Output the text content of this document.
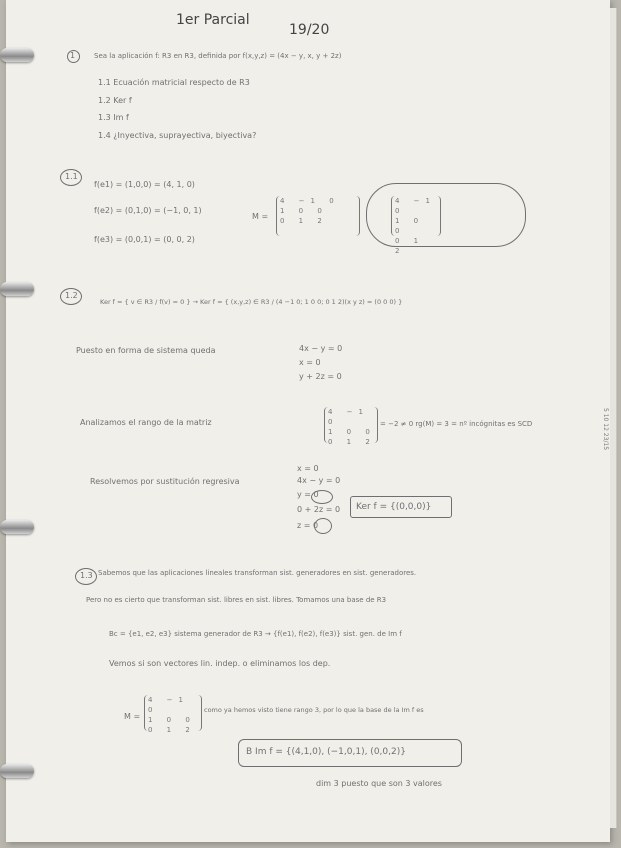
1er Parcial
19/20
1	Sea la aplicación f: R3 en R3, definida por f(x,y,z) = (4x − y, x, y + 2z)
1.1 Ecuación matricial respecto de R3
1.2 Ker f
1.3 Im f
1.4 ¿Inyectiva, suprayectiva, biyectiva?
1.1
f(e1) = (1,0,0) = (4, 1, 0)
f(e2) = (0,1,0) = (−1, 0, 1)
f(e3) = (0,0,1) = (0, 0, 2)
M =
4 −1 0
1 0 0
0 1 2
4 −1 0
1 0 0
0 1 2
1.2
Ker f = { v ∈ R3 / f(v) = 0 } → Ker f = { (x,y,z) ∈ R3 / (4 −1 0; 1 0 0; 0 1 2)(x y z) = (0 0 0) }
Puesto en forma de sistema queda	4x − y = 0
x = 0
y + 2z = 0
Analizamos el rango de la matriz
4 −1 0
1 0 0
0 1 2
= −2 ≠ 0 rg(M) = 3 = nº incógnitas es SCD
Resolvemos por sustitución regresiva
x = 0
4x − y = 0
y = 0
0 + 2z = 0
z = 0
Ker f = {(0,0,0)}
1.3 Sabemos que las aplicaciones lineales transforman sist. generadores en sist. generadores.
Pero no es cierto que transforman sist. libres en sist. libres. Tomamos una base de R3
Bc = {e1, e2, e3} sistema generador de R3 → {f(e1), f(e2), f(e3)} sist. gen. de Im f
Vemos si son vectores lin. indep. o eliminamos los dep.
M =
4 −1 0
1 0 0
0 1 2
como ya hemos visto tiene rango 3, por lo que la base de la Im f es
B Im f = {(4,1,0), (−1,0,1), (0,0,2)}
dim 3 puesto que son 3 valores
5 10 12 23/15
